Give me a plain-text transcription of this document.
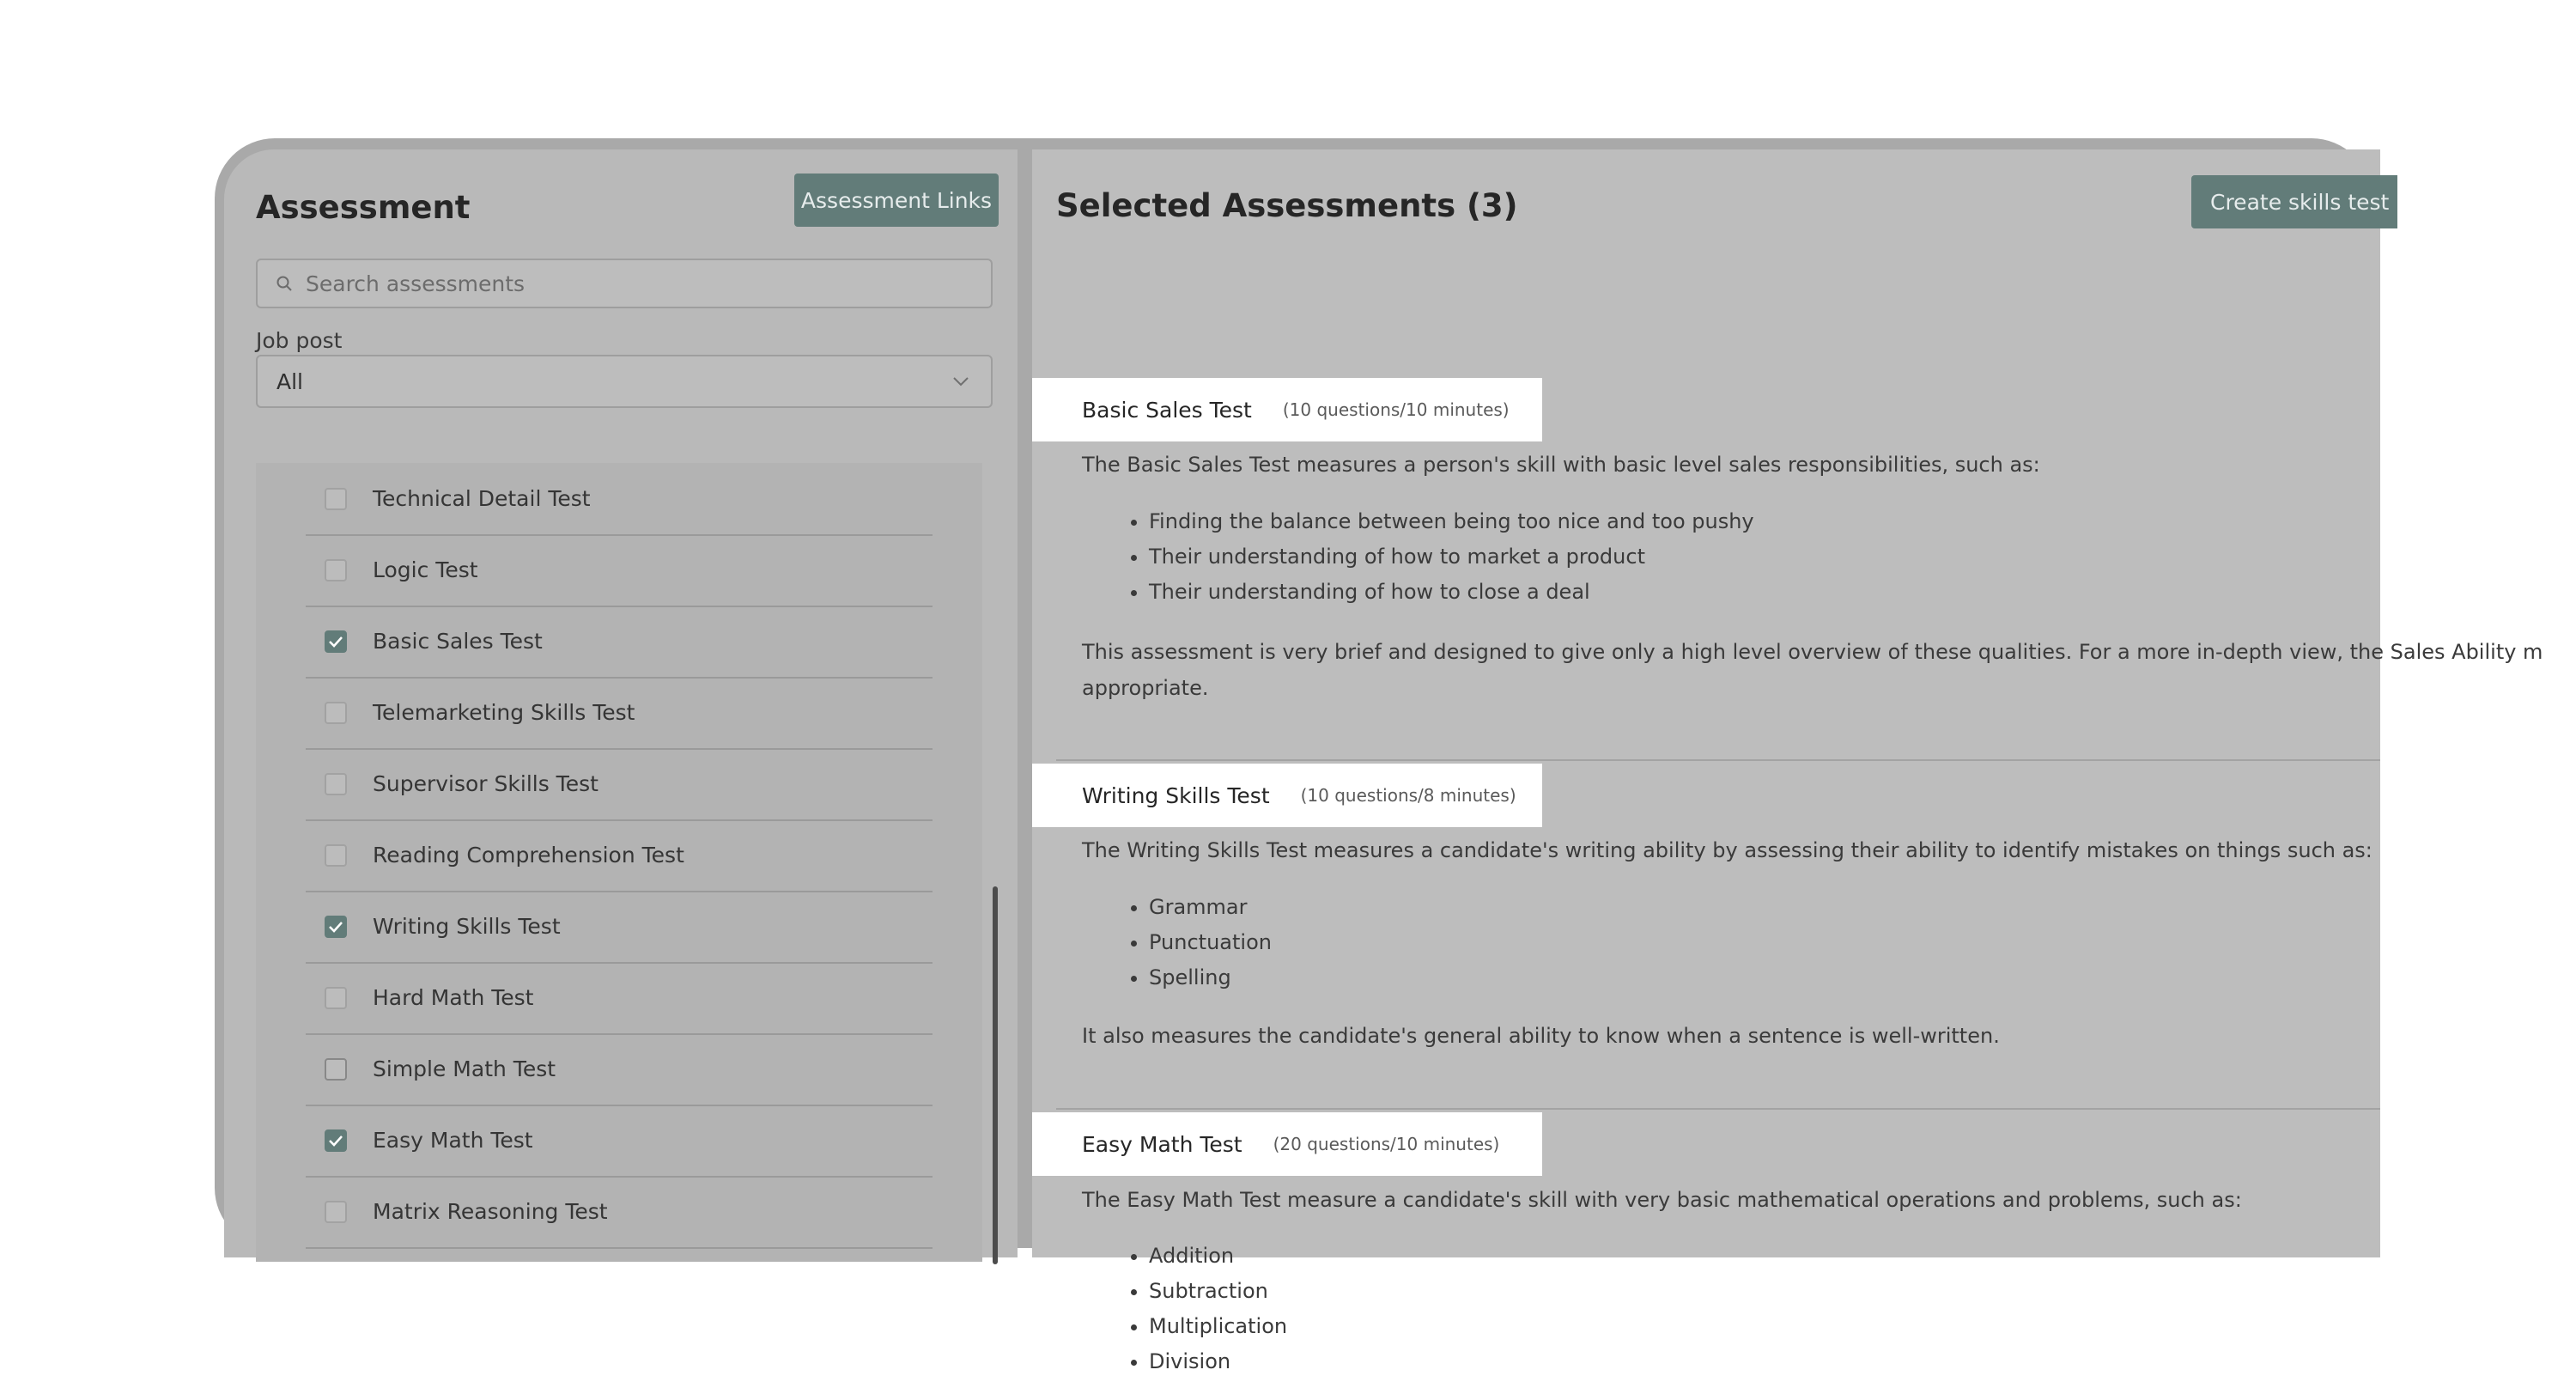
Assessment	Assessment Links
Search assessments
Job post
All
Technical Detail Test
Logic Test
Basic Sales Test
Telemarketing Skills Test
Supervisor Skills Test
Reading Comprehension Test
Writing Skills Test
Hard Math Test
Simple Math Test
Easy Math Test
Matrix Reasoning Test
Selected Assessments (3)	Create skills test
Basic Sales Test (10 questions/10 minutes)
The Basic Sales Test measures a person's skill with basic level sales responsibilities, such as:
• Finding the balance between being too nice and too pushy
• Their understanding of how to market a product
• Their understanding of how to close a deal
This assessment is very brief and designed to give only a high level overview of these qualities. For a more in-depth view, the Sales Ability m
appropriate.
Writing Skills Test (10 questions/8 minutes)
The Writing Skills Test measures a candidate's writing ability by assessing their ability to identify mistakes on things such as:
• Grammar
• Punctuation
• Spelling
It also measures the candidate's general ability to know when a sentence is well-written.
Easy Math Test (20 questions/10 minutes)
The Easy Math Test measure a candidate's skill with very basic mathematical operations and problems, such as:
• Addition
• Subtraction
• Multiplication
• Division
